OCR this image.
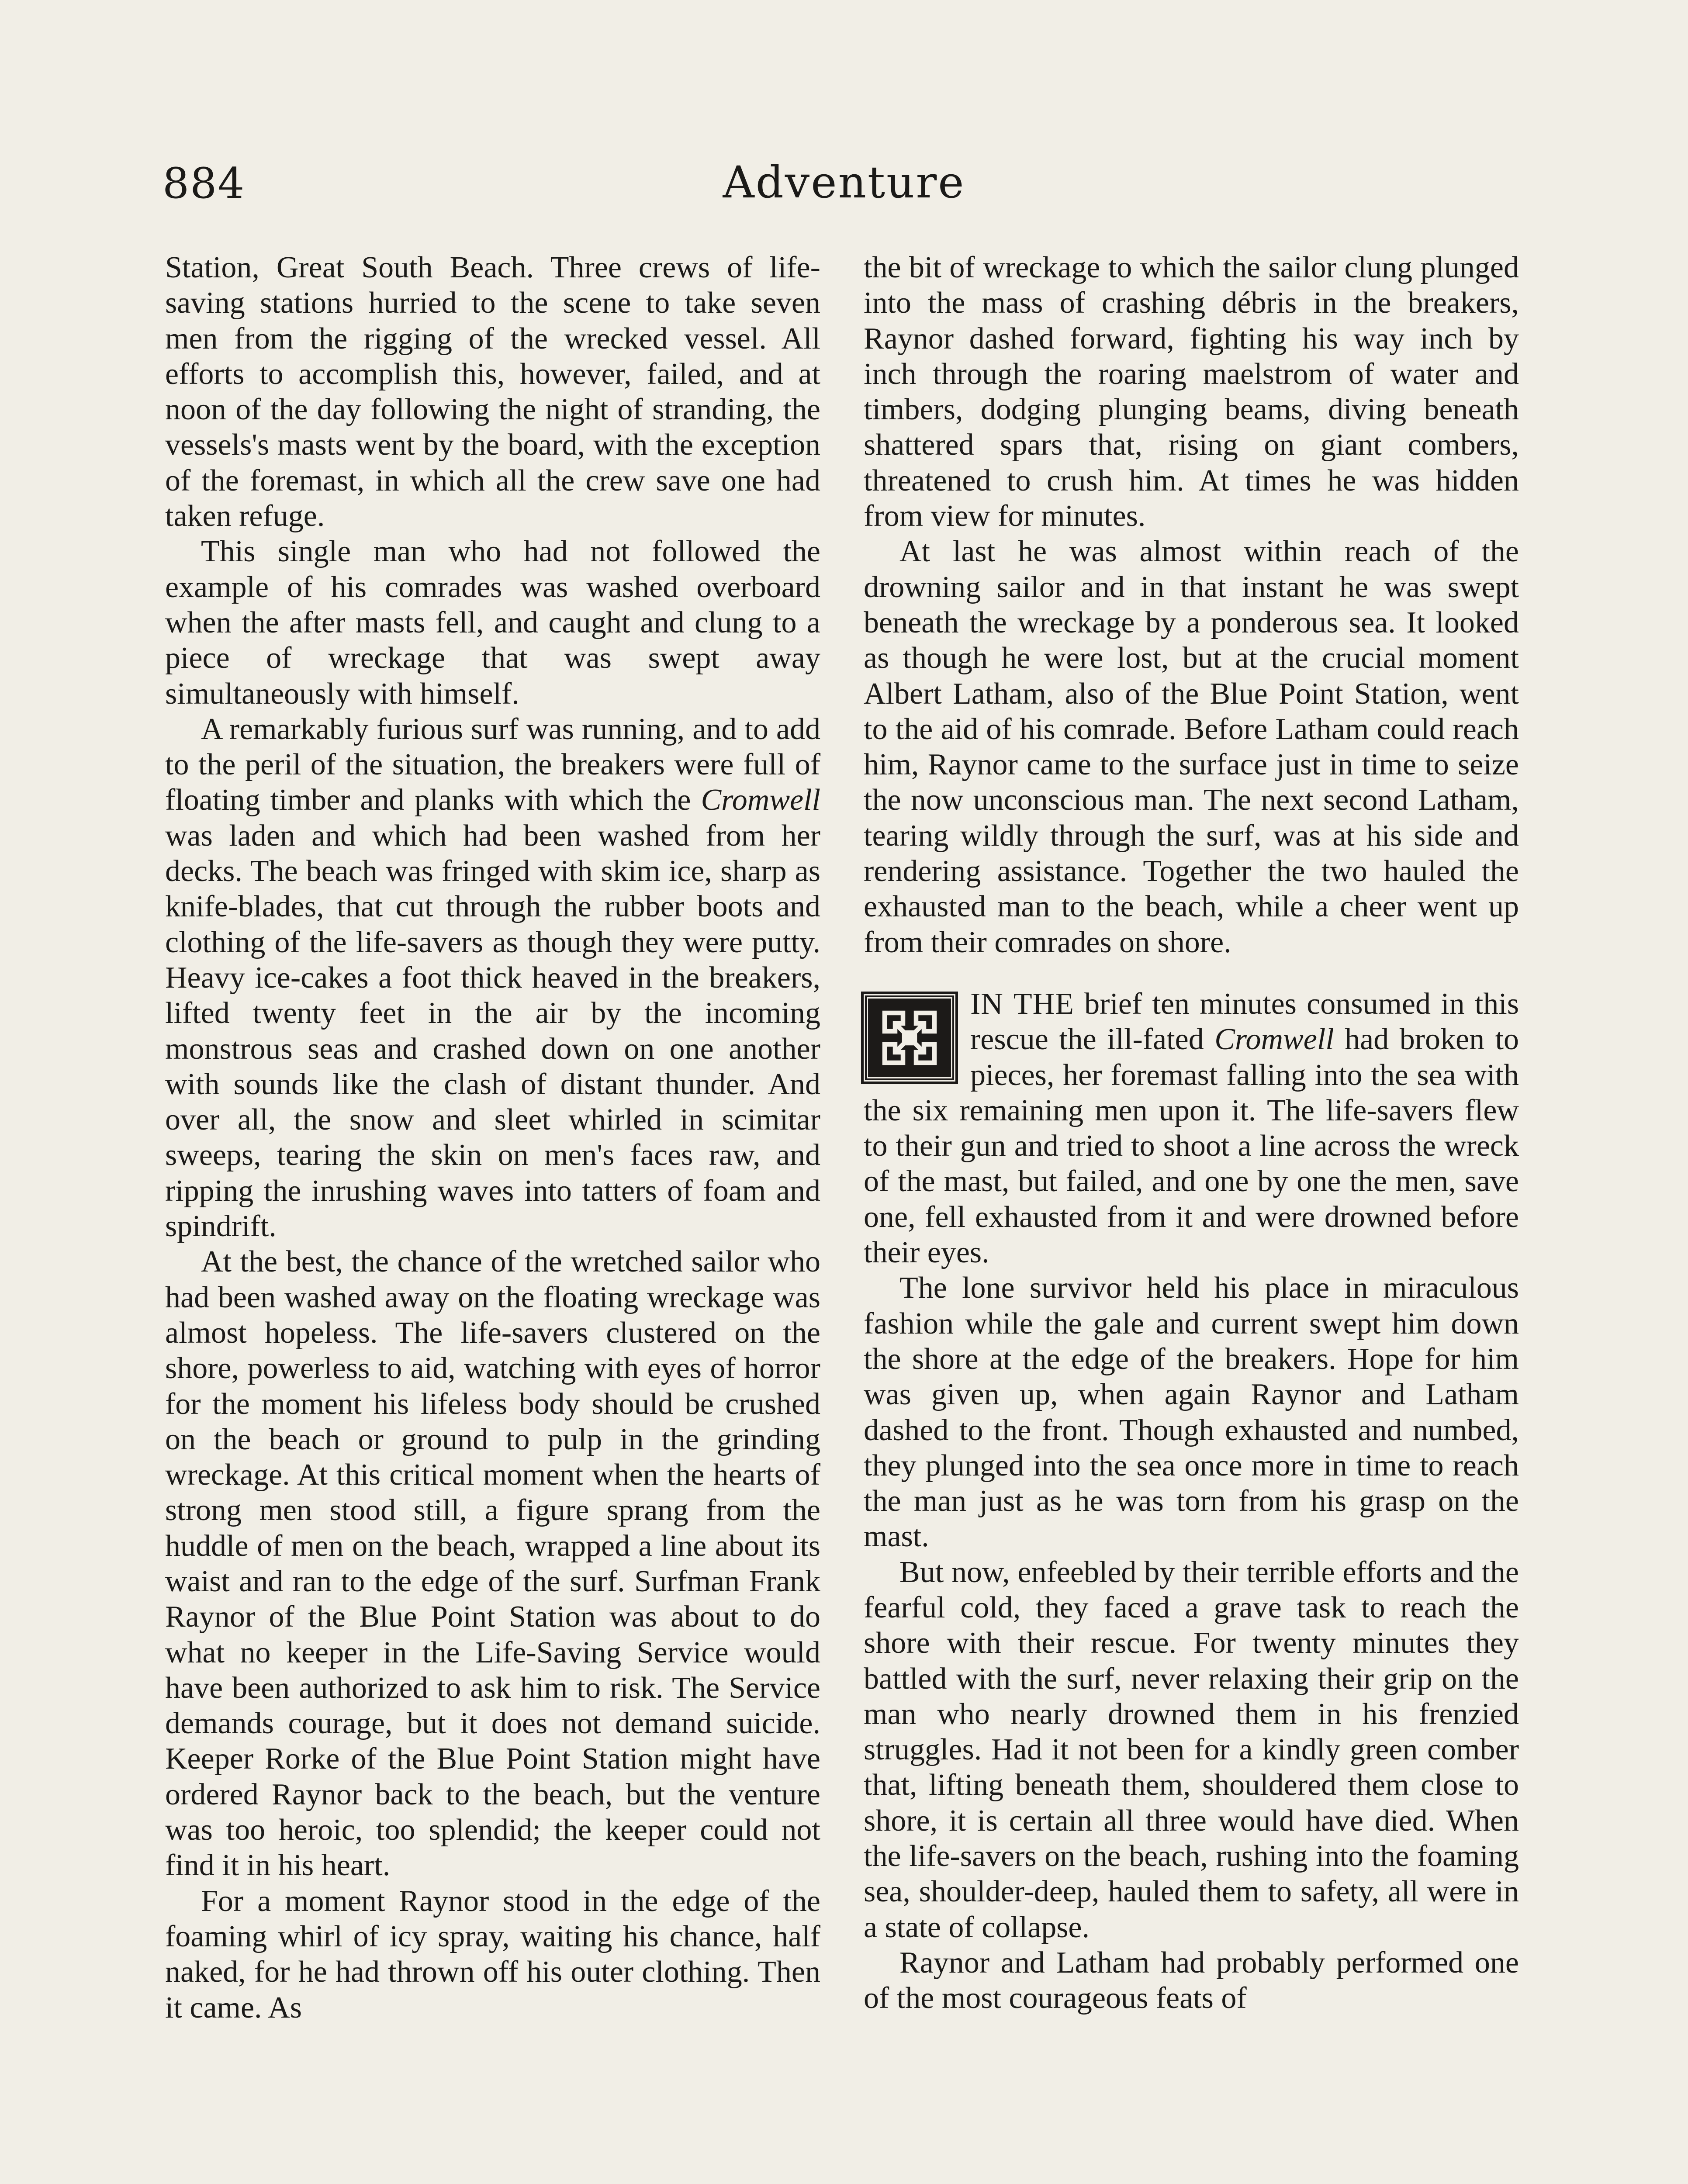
884	Adventure

Station, Great South Beach. Three crews of life-saving stations hurried to the scene to take seven men from the rigging of the wrecked vessel. All efforts to accomplish this, however, failed, and at noon of the day following the night of stranding, the vessels's masts went by the board, with the exception of the foremast, in which all the crew save one had taken refuge.

This single man who had not followed the example of his comrades was washed overboard when the after masts fell, and caught and clung to a piece of wreckage that was swept away simultaneously with himself.

A remarkably furious surf was running, and to add to the peril of the situation, the breakers were full of floating timber and planks with which the Cromwell was laden and which had been washed from her decks. The beach was fringed with skim ice, sharp as knife-blades, that cut through the rubber boots and clothing of the life-savers as though they were putty. Heavy ice-cakes a foot thick heaved in the breakers, lifted twenty feet in the air by the incoming monstrous seas and crashed down on one another with sounds like the clash of distant thunder. And over all, the snow and sleet whirled in scimitar sweeps, tearing the skin on men's faces raw, and ripping the inrushing waves into tatters of foam and spindrift.

At the best, the chance of the wretched sailor who had been washed away on the floating wreckage was almost hopeless. The life-savers clustered on the shore, powerless to aid, watching with eyes of horror for the moment his lifeless body should be crushed on the beach or ground to pulp in the grinding wreckage. At this critical moment when the hearts of strong men stood still, a figure sprang from the huddle of men on the beach, wrapped a line about its waist and ran to the edge of the surf. Surfman Frank Raynor of the Blue Point Station was about to do what no keeper in the Life-Saving Service would have been authorized to ask him to risk. The Service demands courage, but it does not demand suicide. Keeper Rorke of the Blue Point Station might have ordered Raynor back to the beach, but the venture was too heroic, too splendid; the keeper could not find it in his heart.

For a moment Raynor stood in the edge of the foaming whirl of icy spray, waiting his chance, half naked, for he had thrown off his outer clothing. Then it came. As

the bit of wreckage to which the sailor clung plunged into the mass of crashing débris in the breakers, Raynor dashed forward, fighting his way inch by inch through the roaring maelstrom of water and timbers, dodging plunging beams, diving beneath shattered spars that, rising on giant combers, threatened to crush him. At times he was hidden from view for minutes.

At last he was almost within reach of the drowning sailor and in that instant he was swept beneath the wreckage by a ponderous sea. It looked as though he were lost, but at the crucial moment Albert Latham, also of the Blue Point Station, went to the aid of his comrade. Before Latham could reach him, Raynor came to the surface just in time to seize the now unconscious man. The next second Latham, tearing wildly through the surf, was at his side and rendering assistance. Together the two hauled the exhausted man to the beach, while a cheer went up from their comrades on shore.

IN THE brief ten minutes consumed in this rescue the ill-fated Cromwell had broken to pieces, her foremast falling into the sea with the six remaining men upon it. The life-savers flew to their gun and tried to shoot a line across the wreck of the mast, but failed, and one by one the men, save one, fell exhausted from it and were drowned before their eyes.

The lone survivor held his place in miraculous fashion while the gale and current swept him down the shore at the edge of the breakers. Hope for him was given up, when again Raynor and Latham dashed to the front. Though exhausted and numbed, they plunged into the sea once more in time to reach the man just as he was torn from his grasp on the mast.

But now, enfeebled by their terrible efforts and the fearful cold, they faced a grave task to reach the shore with their rescue. For twenty minutes they battled with the surf, never relaxing their grip on the man who nearly drowned them in his frenzied struggles. Had it not been for a kindly green comber that, lifting beneath them, shouldered them close to shore, it is certain all three would have died. When the life-savers on the beach, rushing into the foaming sea, shoulder-deep, hauled them to safety, all were in a state of collapse.

Raynor and Latham had probably performed one of the most courageous feats of
